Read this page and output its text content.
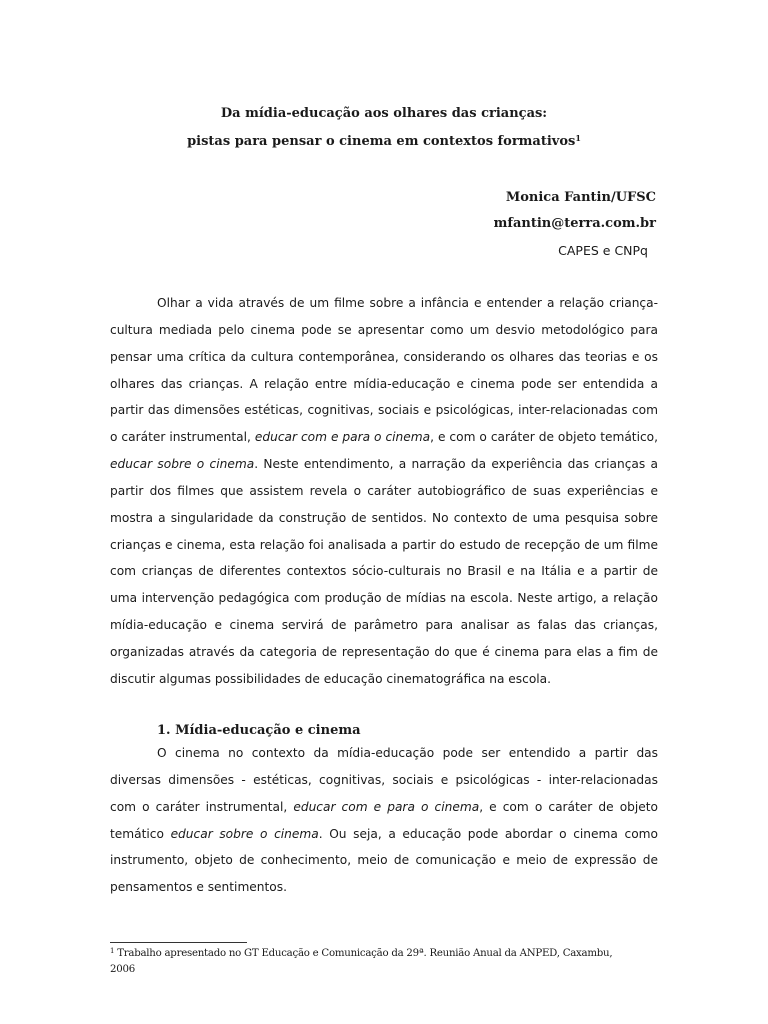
Da mídia-educação aos olhares das crianças:
pistas para pensar o cinema em contextos formativos$^1$
Monica Fantin/UFSC
mfantin@terra.com.br
CAPES e CNPq
Olhar a vida através de um filme sobre a infância e entender a relação criança-
cultura mediada pelo cinema pode se apresentar como um desvio metodológico para
pensar uma crítica da cultura contemporânea, considerando os olhares das teorias e os
olhares das crianças. A relação entre mídia-educação e cinema pode ser entendida a
partir das dimensões estéticas, cognitivas, sociais e psicológicas, inter-relacionadas com
o caráter instrumental, educar com e para o cinema, e com o caráter de objeto temático,
educar sobre o cinema. Neste entendimento, a narração da experiência das crianças a
partir dos filmes que assistem revela o caráter autobiográfico de suas experiências e
mostra a singularidade da construção de sentidos. No contexto de uma pesquisa sobre
crianças e cinema, esta relação foi analisada a partir do estudo de recepção de um filme
com crianças de diferentes contextos sócio-culturais no Brasil e na Itália e a partir de
uma intervenção pedagógica com produção de mídias na escola. Neste artigo, a relação
mídia-educação e cinema servirá de parâmetro para analisar as falas das crianças,
organizadas através da categoria de representação do que é cinema para elas a fim de
discutir algumas possibilidades de educação cinematográfica na escola.
1. Mídia-educação e cinema
O cinema no contexto da mídia-educação pode ser entendido a partir das
diversas dimensões - estéticas, cognitivas, sociais e psicológicas - inter-relacionadas
com o caráter instrumental, educar com e para o cinema, e com o caráter de objeto
temático educar sobre o cinema. Ou seja, a educação pode abordar o cinema como
instrumento, objeto de conhecimento, meio de comunicação e meio de expressão de
pensamentos e sentimentos.
$^1$ Trabalho apresentado no GT Educação e Comunicação da 29ª. Reunião Anual da ANPED, Caxambu,
2006
